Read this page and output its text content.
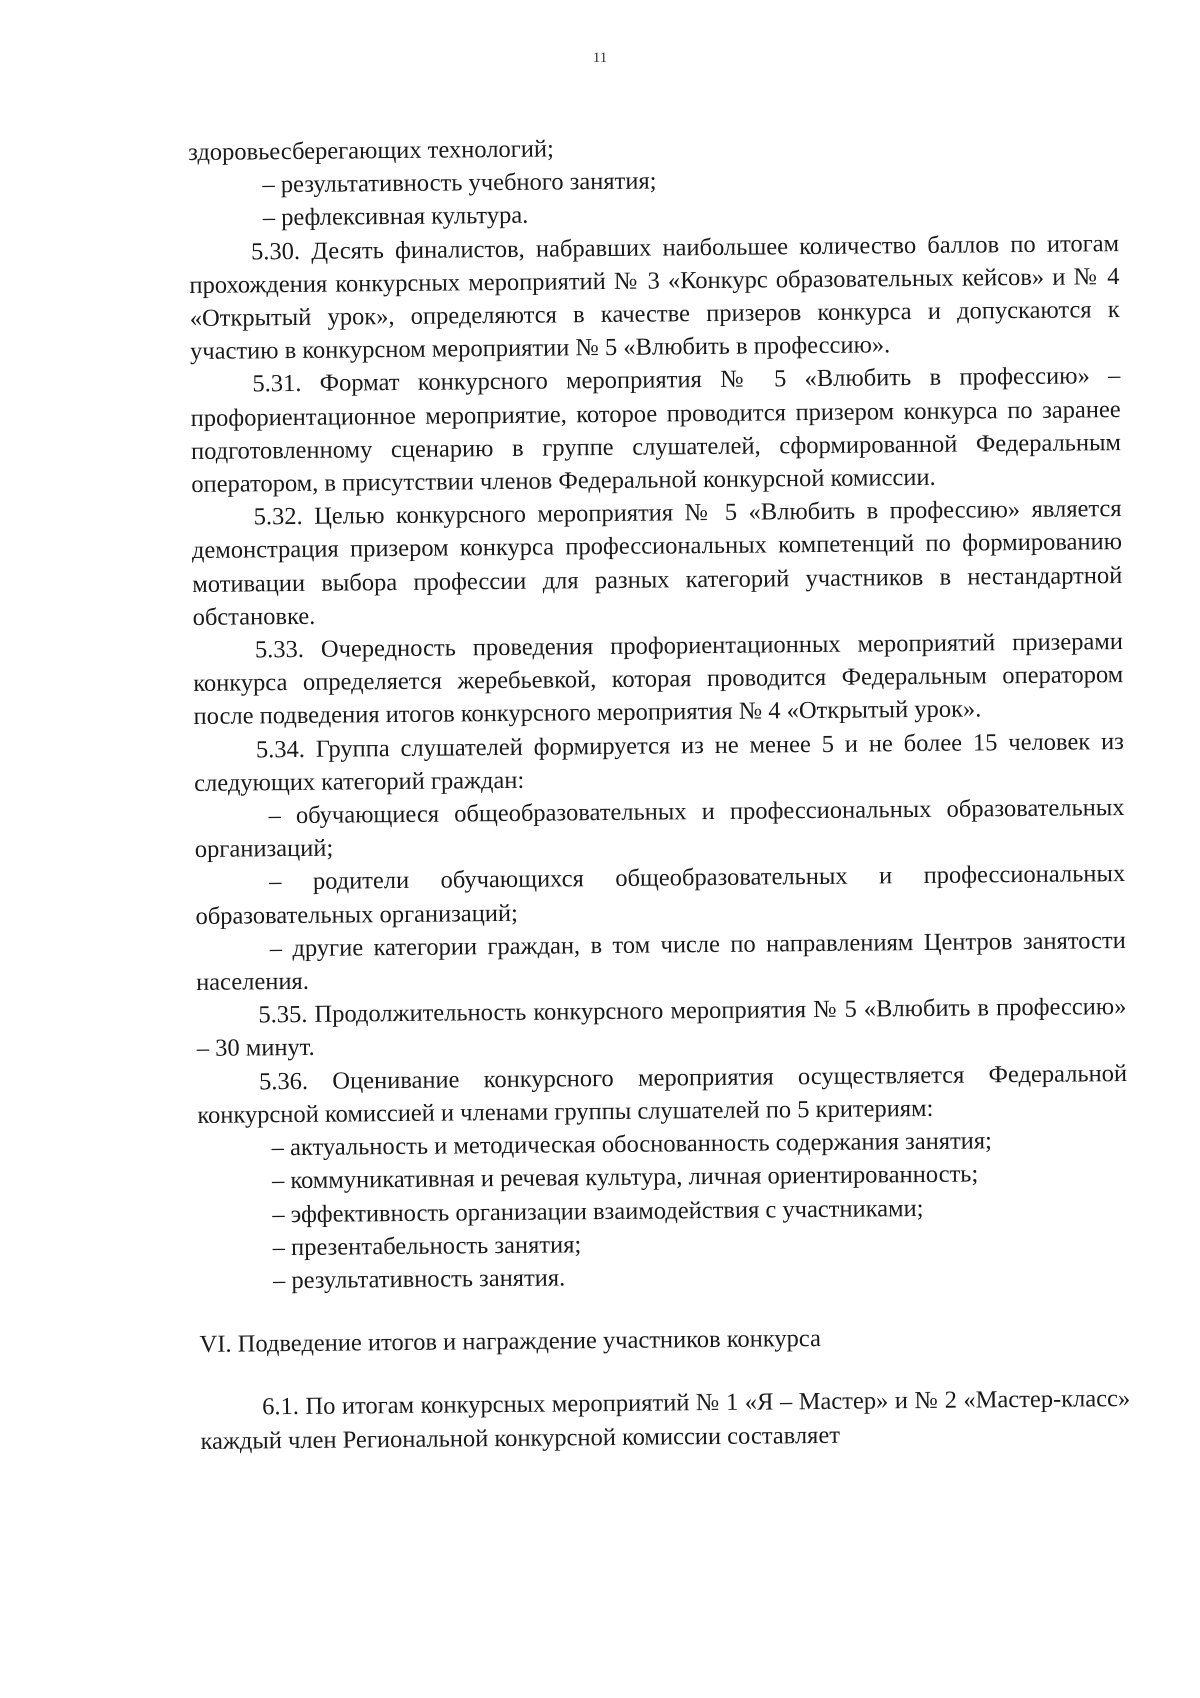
11

здоровьесберегающих технологий;

– результативность учебного занятия;

– рефлексивная культура.

5.30. Десять финалистов, набравших наибольшее количество баллов по итогам прохождения конкурсных мероприятий № 3 «Конкурс образовательных кейсов» и № 4 «Открытый урок», определяются в качестве призеров конкурса и допускаются к участию в конкурсном мероприятии № 5 «Влюбить в профессию».

5.31. Формат конкурсного мероприятия № 5 «Влюбить в профессию» – профориентационное мероприятие, которое проводится призером конкурса по заранее подготовленному сценарию в группе слушателей, сформированной Федеральным оператором, в присутствии членов Федеральной конкурсной комиссии.

5.32. Целью конкурсного мероприятия № 5 «Влюбить в профессию» является демонстрация призером конкурса профессиональных компетенций по формированию мотивации выбора профессии для разных категорий участников в нестандартной обстановке.

5.33. Очередность проведения профориентационных мероприятий призерами конкурса определяется жеребьевкой, которая проводится Федеральным оператором после подведения итогов конкурсного мероприятия № 4 «Открытый урок».

5.34. Группа слушателей формируется из не менее 5 и не более 15 человек из следующих категорий граждан:

– обучающиеся общеобразовательных и профессиональных образовательных организаций;

– родители обучающихся общеобразовательных и профессиональных образовательных организаций;

– другие категории граждан, в том числе по направлениям Центров занятости населения.

5.35. Продолжительность конкурсного мероприятия № 5 «Влюбить в профессию» – 30 минут.

5.36. Оценивание конкурсного мероприятия осуществляется Федеральной конкурсной комиссией и членами группы слушателей по 5 критериям:

– актуальность и методическая обоснованность содержания занятия;

– коммуникативная и речевая культура, личная ориентированность;

– эффективность организации взаимодействия с участниками;

– презентабельность занятия;

– результативность занятия.

VI. Подведение итогов и награждение участников конкурса

6.1. По итогам конкурсных мероприятий № 1 «Я – Мастер» и № 2 «Мастер-класс» каждый член Региональной конкурсной комиссии составляет
